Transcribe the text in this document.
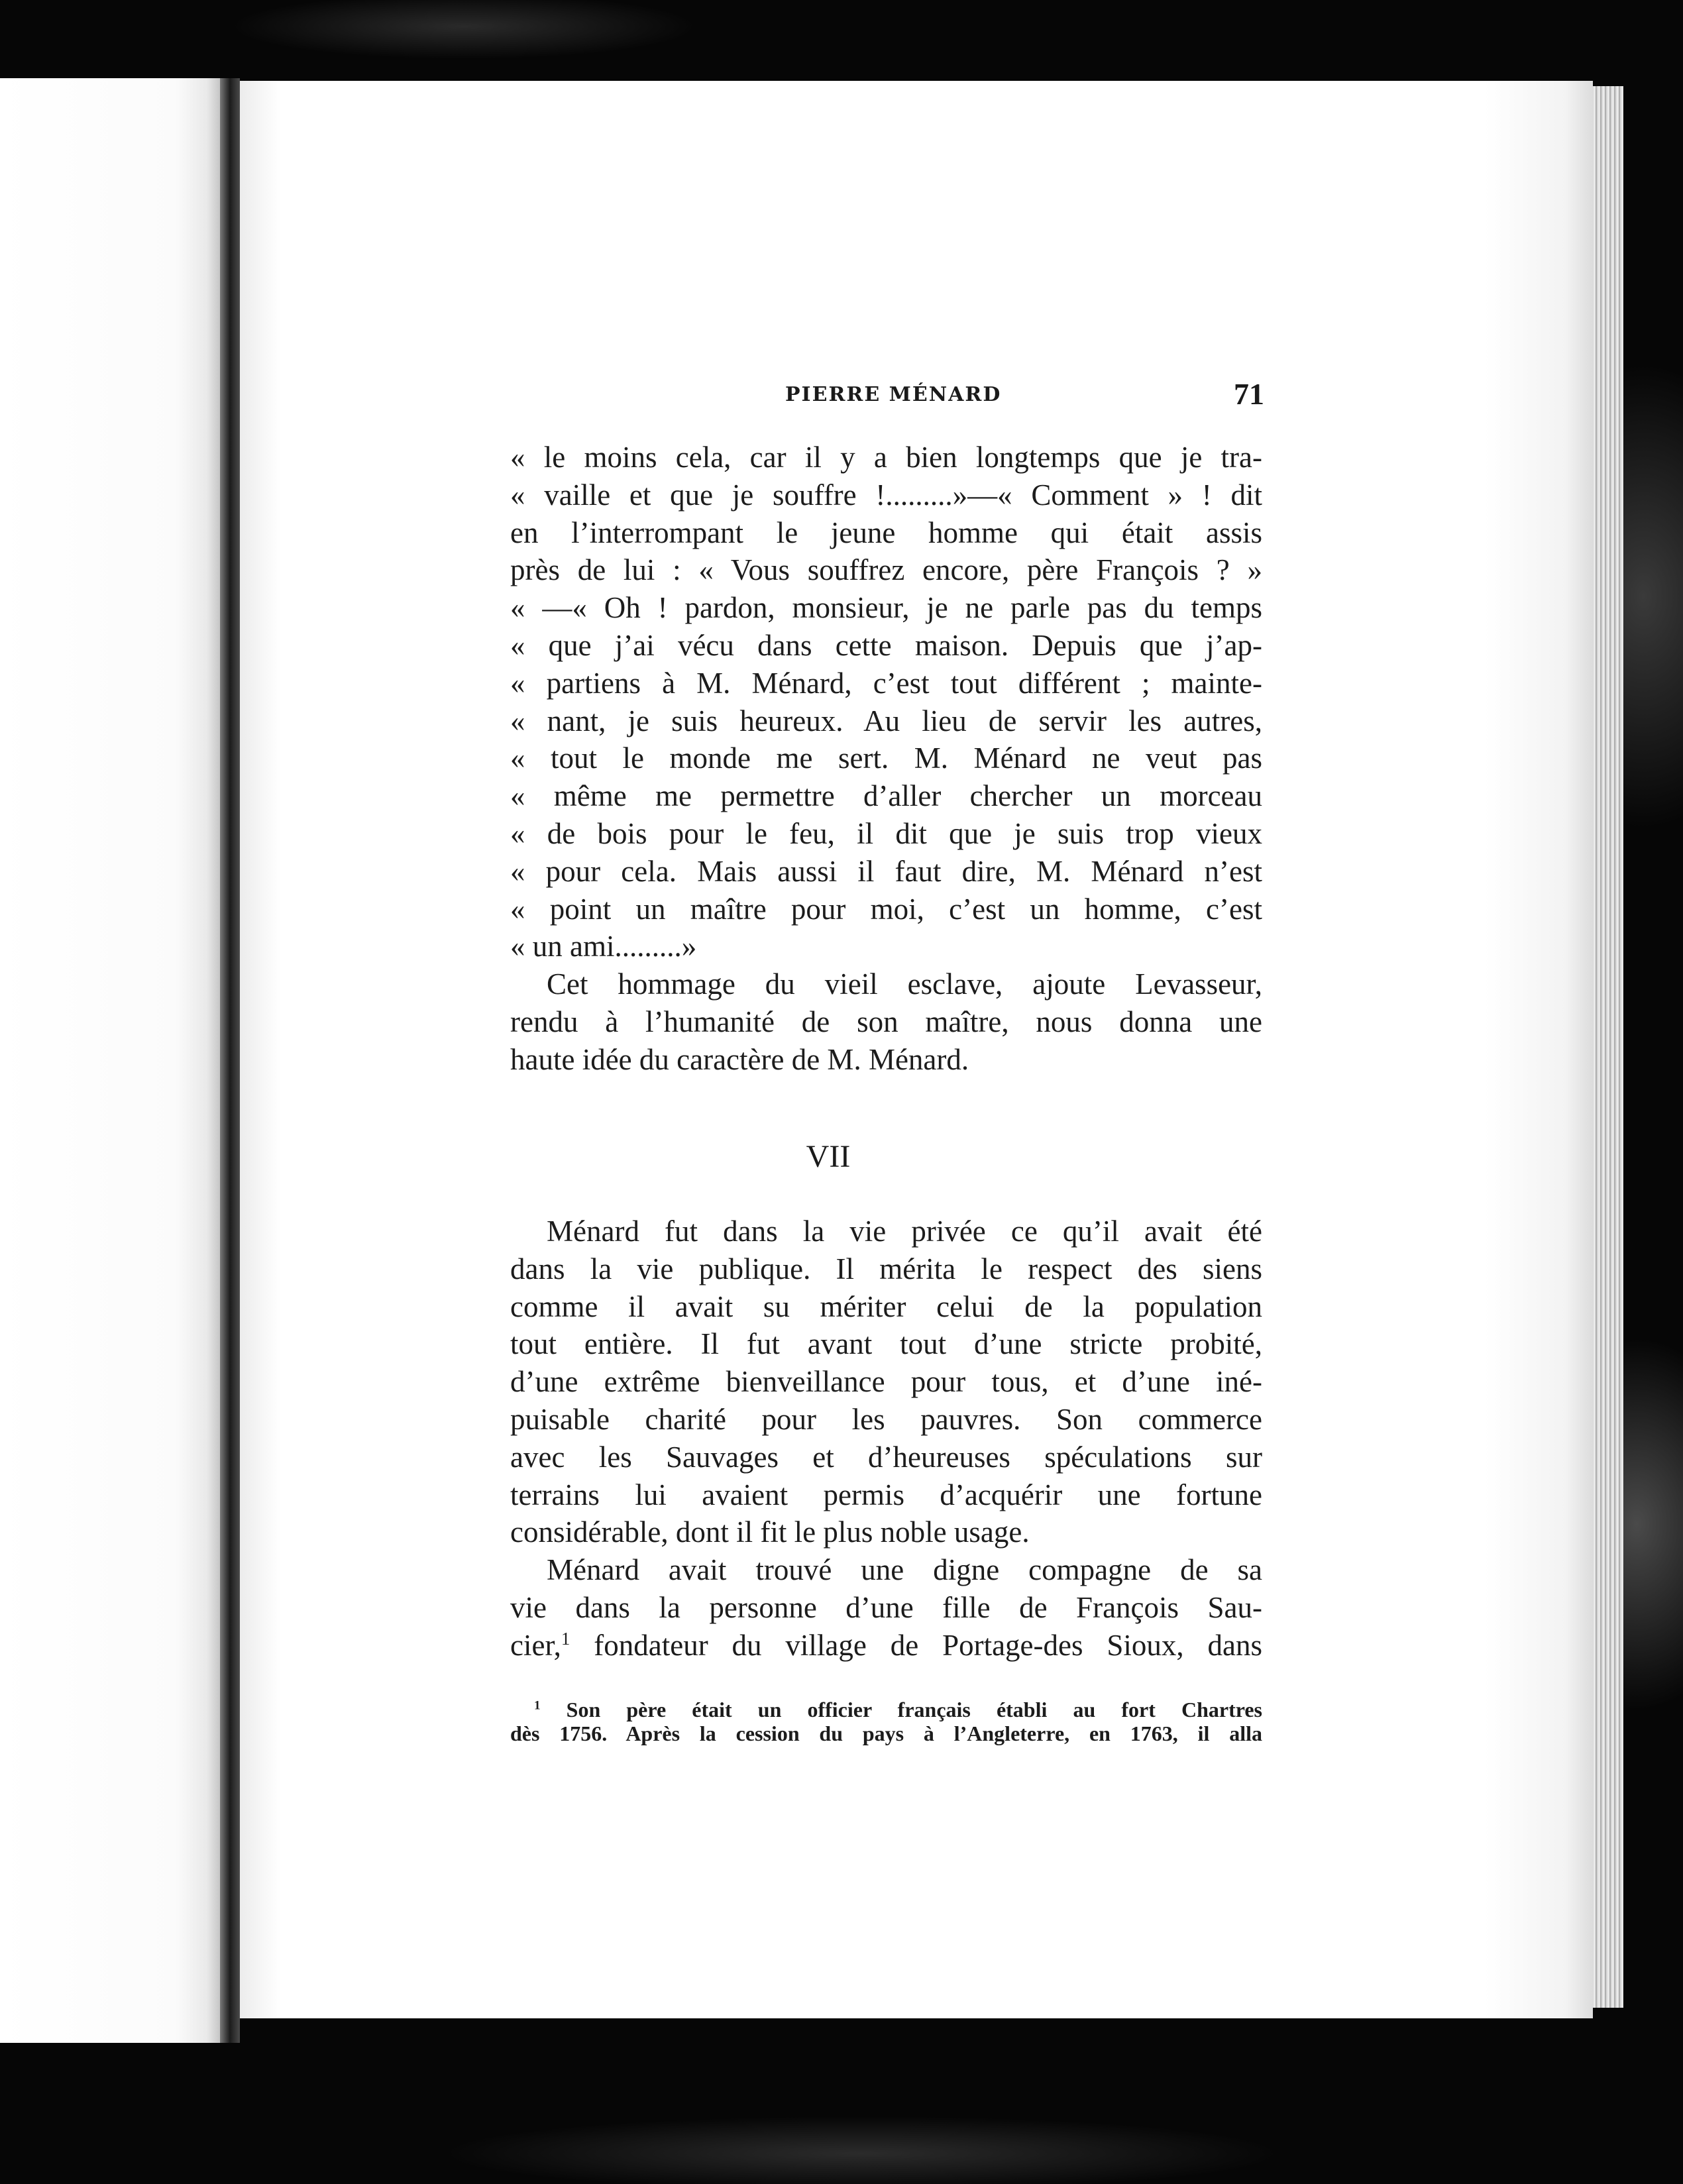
PIERRE MÉNARD	71
« le moins cela, car il y a bien longtemps que je tra-
« vaille et que je souffre !.........»—« Comment » ! dit
en l’interrompant le jeune homme qui était assis
près de lui : « Vous souffrez encore, père François ? »
« —« Oh ! pardon, monsieur, je ne parle pas du temps
« que j’ai vécu dans cette maison. Depuis que j’ap-
« partiens à M. Ménard, c’est tout différent ; mainte-
« nant, je suis heureux. Au lieu de servir les autres,
« tout le monde me sert. M. Ménard ne veut pas
« même me permettre d’aller chercher un morceau
« de bois pour le feu, il dit que je suis trop vieux
« pour cela. Mais aussi il faut dire, M. Ménard n’est
« point un maître pour moi, c’est un homme, c’est
« un ami.........»
Cet hommage du vieil esclave, ajoute Levasseur,
rendu à l’humanité de son maître, nous donna une
haute idée du caractère de M. Ménard.
VII
Ménard fut dans la vie privée ce qu’il avait été
dans la vie publique. Il mérita le respect des siens
comme il avait su mériter celui de la population
tout entière. Il fut avant tout d’une stricte probité,
d’une extrême bienveillance pour tous, et d’une iné-
puisable charité pour les pauvres. Son commerce
avec les Sauvages et d’heureuses spéculations sur
terrains lui avaient permis d’acquérir une fortune
considérable, dont il fit le plus noble usage.
Ménard avait trouvé une digne compagne de sa
vie dans la personne d’une fille de François Sau-
cier,$^1$ fondateur du village de Portage-des Sioux, dans
$^1$ Son père était un officier français établi au fort Chartres
dès 1756. Après la cession du pays à l’Angleterre, en 1763, il alla
